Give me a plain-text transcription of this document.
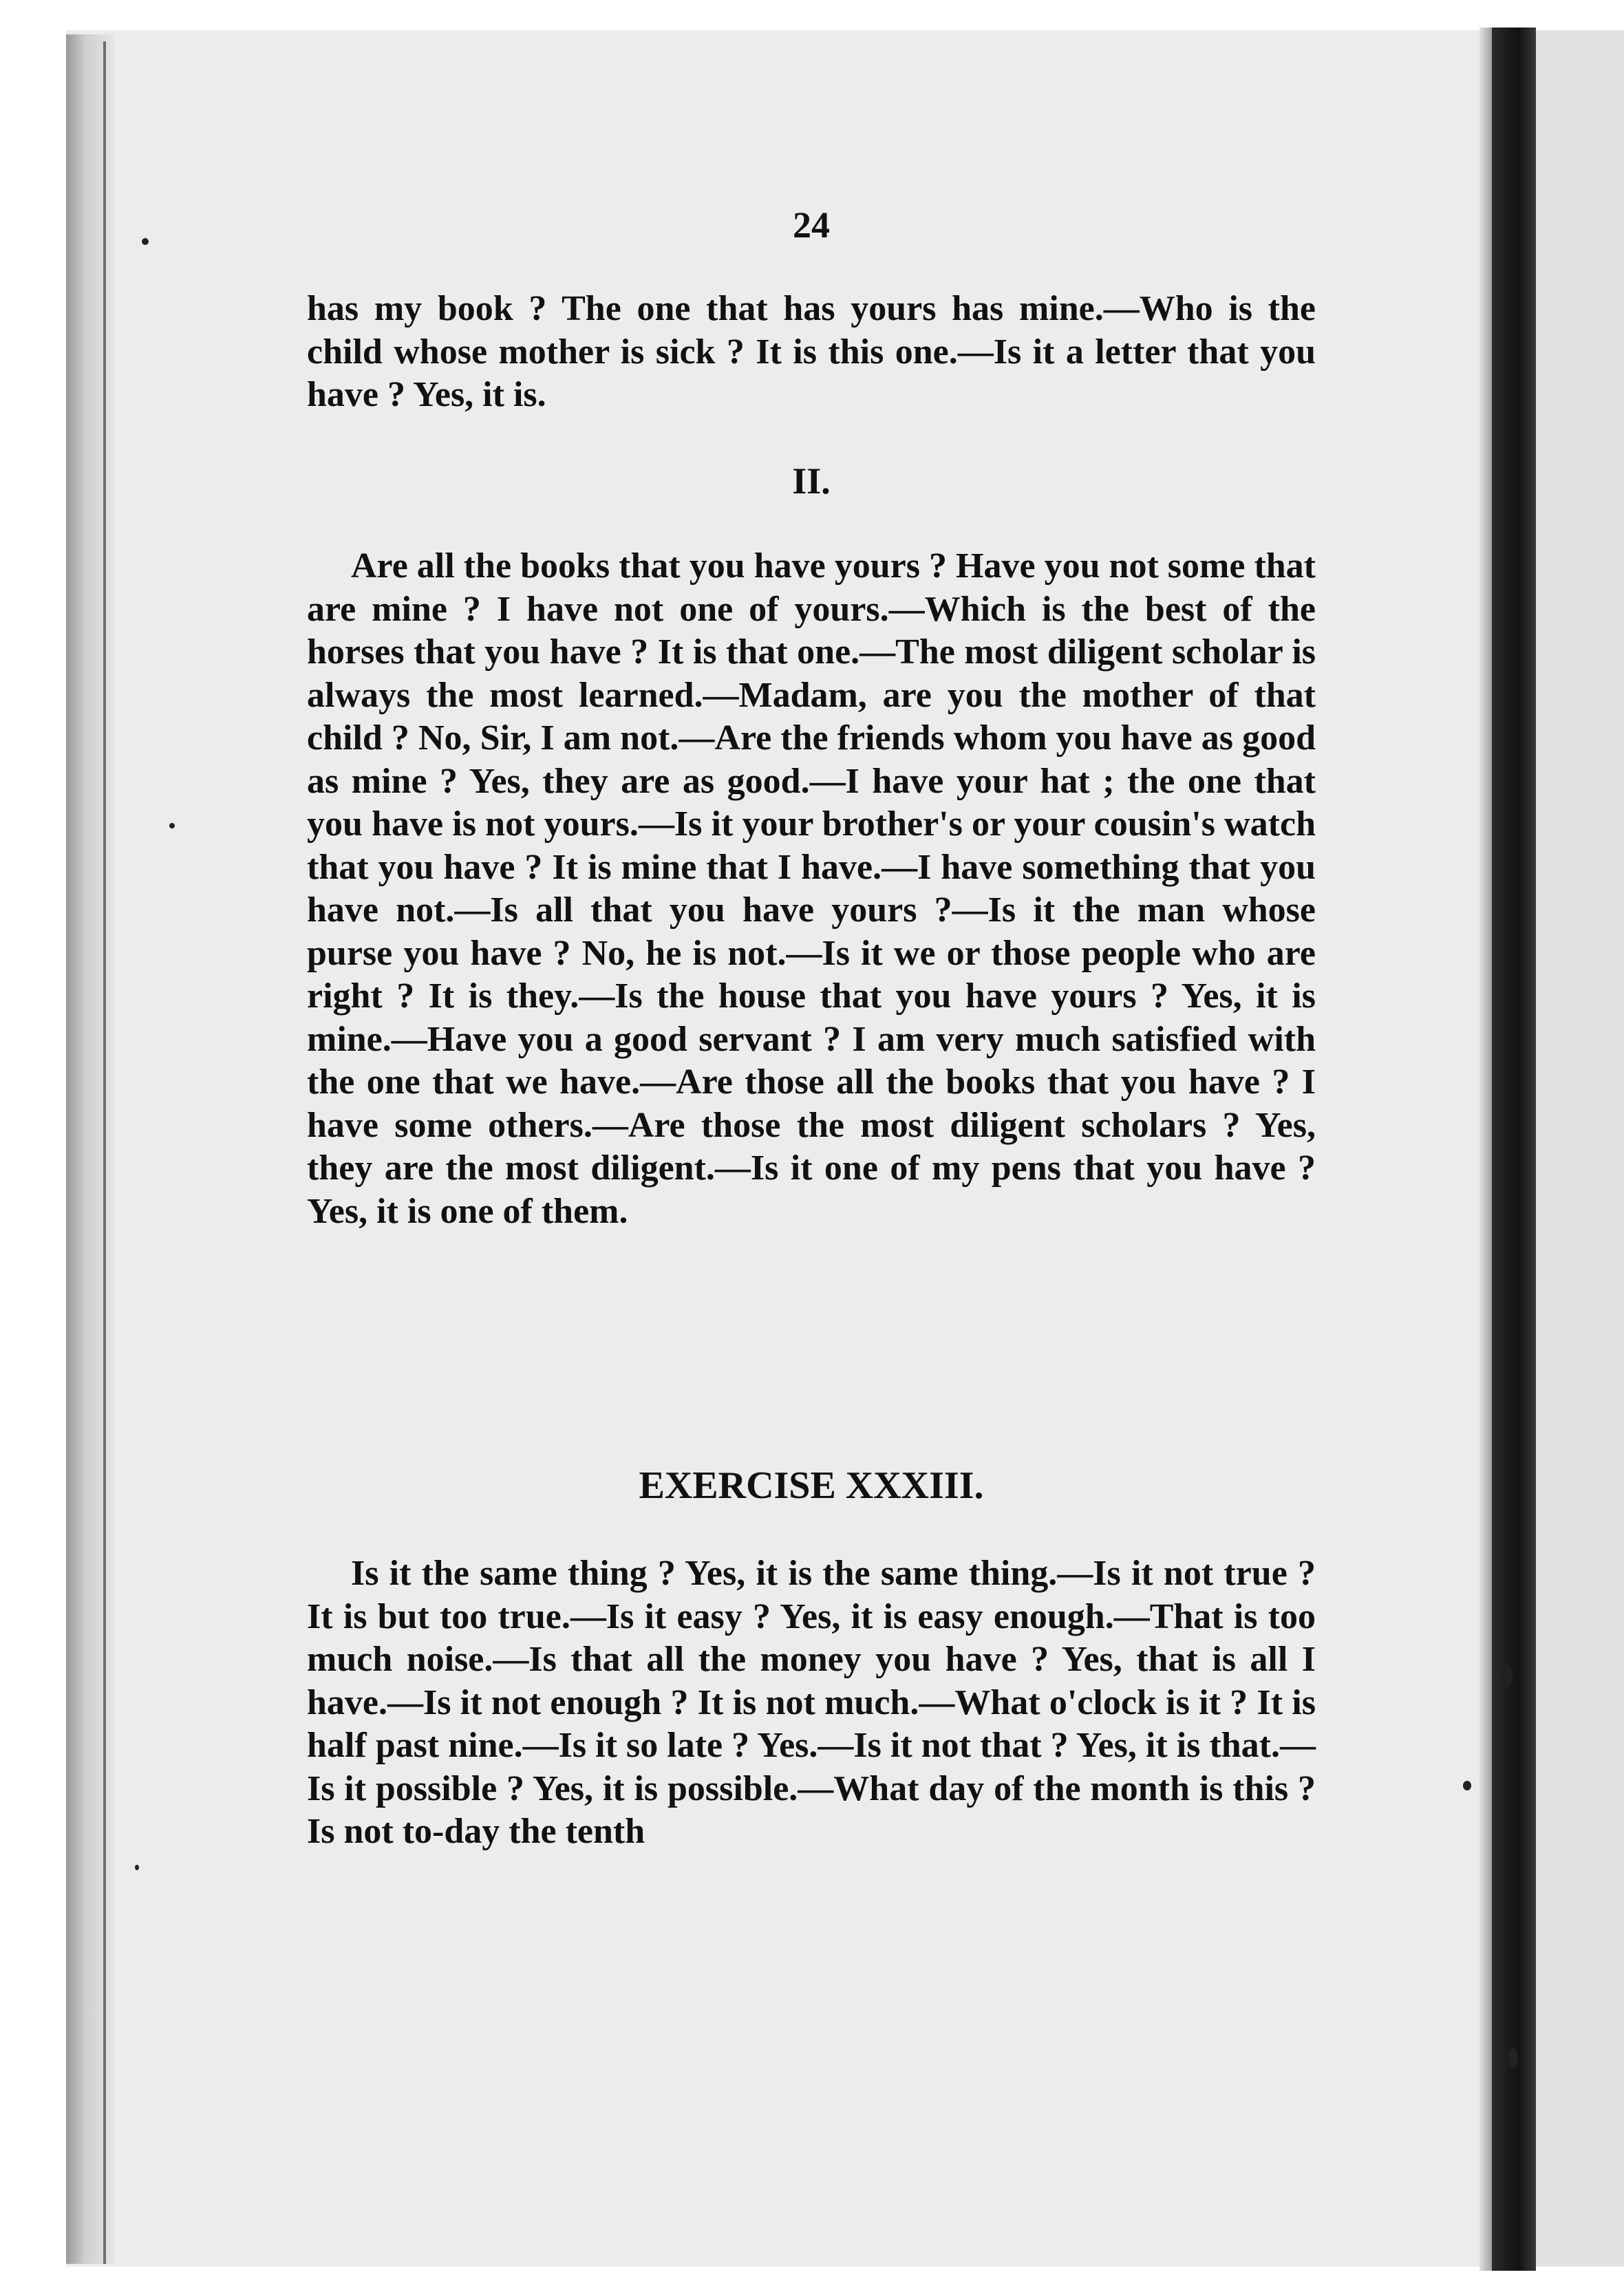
24

has my book ? The one that has yours has mine.—Who is the child whose mother is sick ? It is this one.—Is it a letter that you have ? Yes, it is.

II.

Are all the books that you have yours ? Have you not some that are mine ? I have not one of yours.—Which is the best of the horses that you have ? It is that one.—The most diligent scholar is always the most learned.—Madam, are you the mother of that child ? No, Sir, I am not.—Are the friends whom you have as good as mine ? Yes, they are as good.—I have your hat ; the one that you have is not yours.—Is it your brother's or your cousin's watch that you have ? It is mine that I have.—I have something that you have not.—Is all that you have yours ?—Is it the man whose purse you have ? No, he is not.—Is it we or those people who are right ? It is they.—Is the house that you have yours ? Yes, it is mine.—Have you a good servant ? I am very much satisfied with the one that we have.—Are those all the books that you have ? I have some others.—Are those the most diligent scholars ? Yes, they are the most diligent.—Is it one of my pens that you have ? Yes, it is one of them.

EXERCISE XXXIII.

Is it the same thing ? Yes, it is the same thing.—Is it not true ? It is but too true.—Is it easy ? Yes, it is easy enough.—That is too much noise.—Is that all the money you have ? Yes, that is all I have.—Is it not enough ? It is not much.—What o'clock is it ? It is half past nine.—Is it so late ? Yes.—Is it not that ? Yes, it is that.—Is it possible ? Yes, it is possible.—What day of the month is this ? Is not to-day the tenth
